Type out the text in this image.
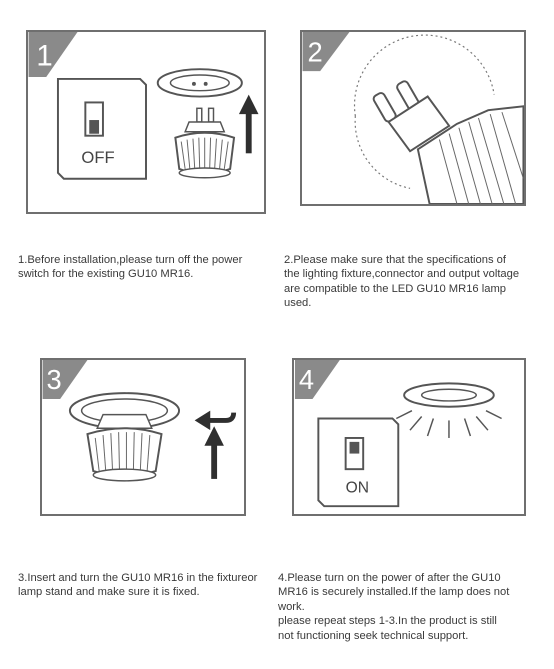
1
OFF
2
3	4
ON
1.Before installation,please turn off the power
switch for the existing GU10 MR16.
2.Please make sure that the specifications of
the lighting fixture,connector and output voltage
are compatible to the LED GU10 MR16 lamp
used.
3.Insert and turn the GU10 MR16 in the fixtureor
lamp stand and make sure it is fixed.
4.Please turn on the power of after the GU10
MR16 is securely installed.If the lamp does not
work.
please repeat steps 1-3.In the product is still
not functioning seek technical support.
